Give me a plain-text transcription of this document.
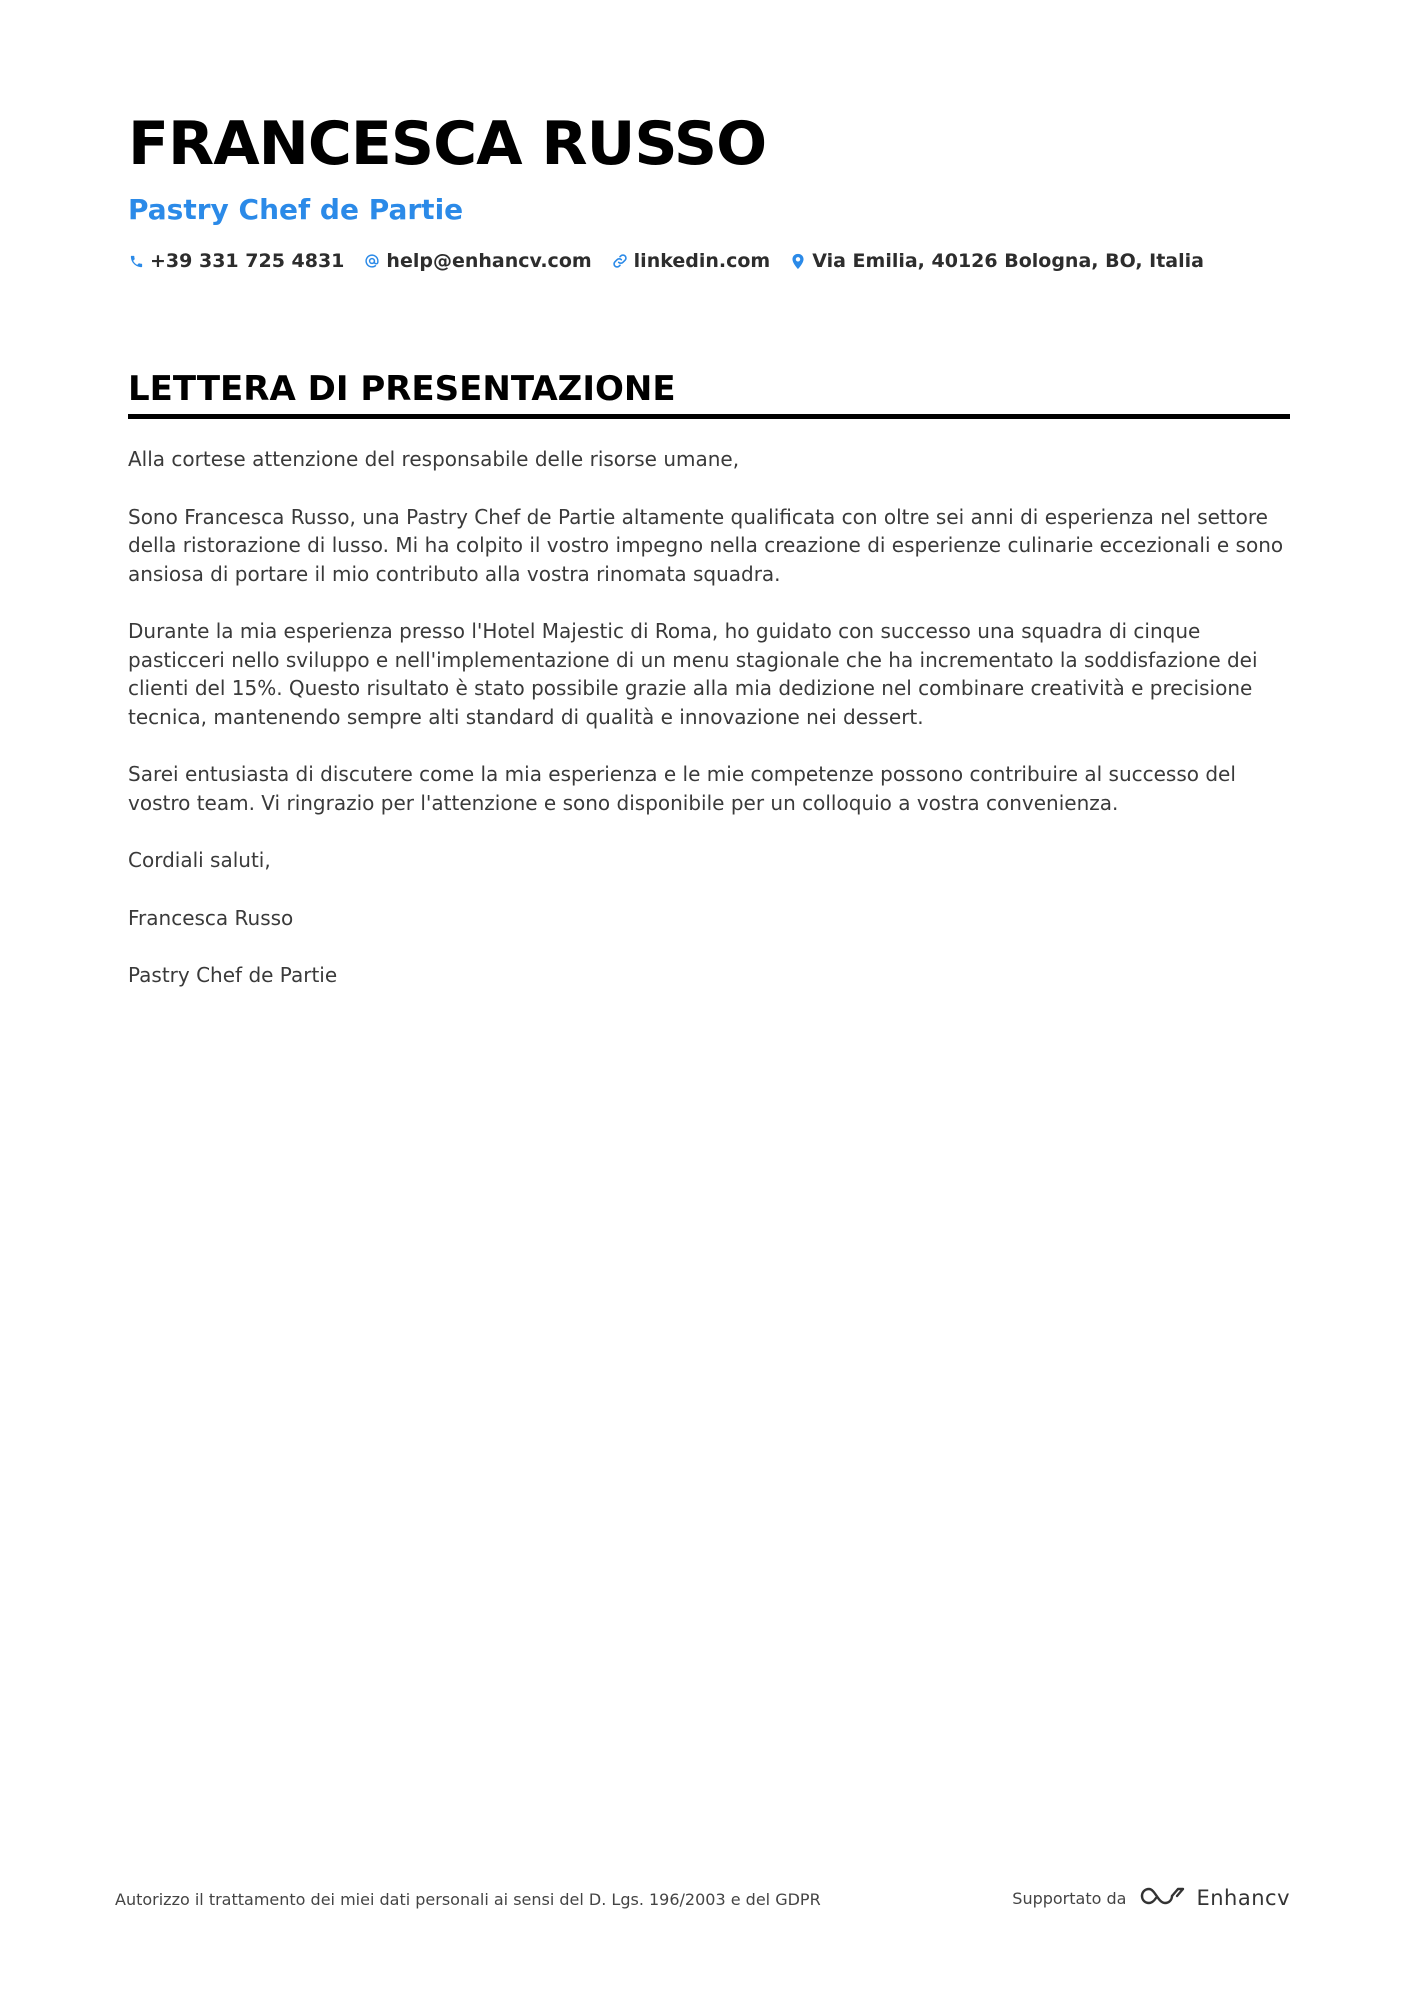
FRANCESCA RUSSO
Pastry Chef de Partie
+39 331 725 4831 help@enhancv.com linkedin.com Via Emilia, 40126 Bologna, BO, Italia
LETTERA DI PRESENTAZIONE

Alla cortese attenzione del responsabile delle risorse umane,

Sono Francesca Russo, una Pastry Chef de Partie altamente qualificata con oltre sei anni di esperienza nel settore della ristorazione di lusso. Mi ha colpito il vostro impegno nella creazione di esperienze culinarie eccezionali e sono ansiosa di portare il mio contributo alla vostra rinomata squadra.

Durante la mia esperienza presso l'Hotel Majestic di Roma, ho guidato con successo una squadra di cinque pasticceri nello sviluppo e nell'implementazione di un menu stagionale che ha incrementato la soddisfazione dei clienti del 15%. Questo risultato è stato possibile grazie alla mia dedizione nel combinare creatività e precisione tecnica, mantenendo sempre alti standard di qualità e innovazione nei dessert.

Sarei entusiasta di discutere come la mia esperienza e le mie competenze possono contribuire al successo del vostro team. Vi ringrazio per l'attenzione e sono disponibile per un colloquio a vostra convenienza.

Cordiali saluti,

Francesca Russo

Pastry Chef de Partie

Autorizzo il trattamento dei miei dati personali ai sensi del D. Lgs. 196/2003 e del GDPR	Supportato da	Enhancv
